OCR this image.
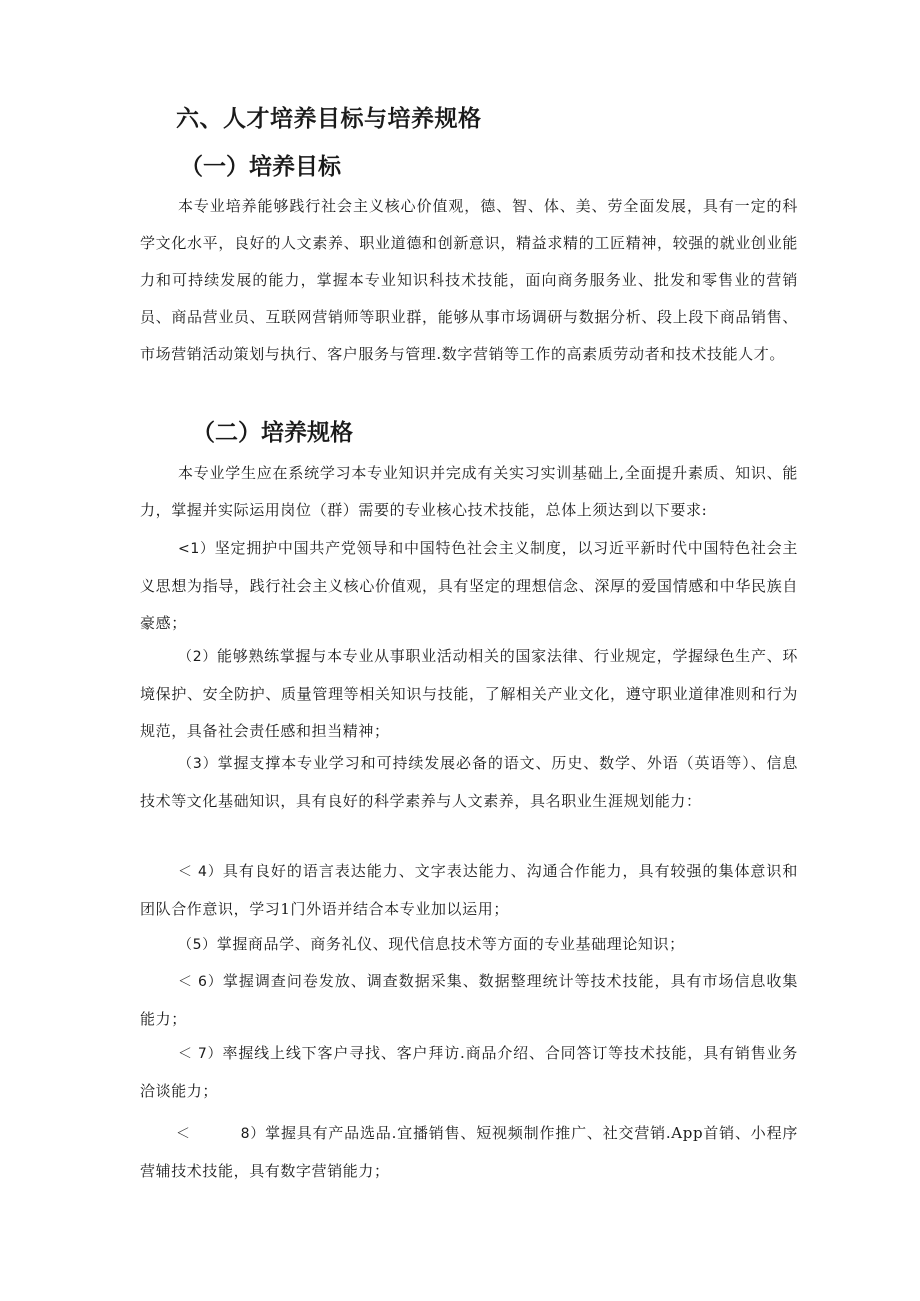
六、人才培养目标与培养规格
（一）培养目标

本专业培养能够践行社会主义核心价值观，德、智、体、美、劳全面发展，具有一定的科学文化水平，良好的人文素养、职业道德和创新意识，精益求精的工匠精神，较强的就业创业能力和可持续发展的能力，掌握本专业知识科技术技能，面向商务服务业、批发和零售业的营销员、商品营业员、互联网营销师等职业群，能够从事市场调研与数据分析、段上段下商品销售、市场营销活动策划与执行、客户服务与管理.数字营销等工作的高素质劳动者和技术技能人才。

（二）培养规格

本专业学生应在系统学习本专业知识并完成有关实习实训基础上,全面提升素质、知识、能力，掌握并实际运用岗位（群）需要的专业核心技术技能，总体上须达到以下要求:

<1）坚定拥护中国共产党领导和中国特色社会主义制度，以习近平新时代中国特色社会主义思想为指导，践行社会主义核心价值观，具有坚定的理想信念、深厚的爱国情感和中华民族自豪感；

（2）能够熟练掌握与本专业从事职业活动相关的国家法律、行业规定，学握绿色生产、环境保护、安全防护、质量管理等相关知识与技能，了解相关产业文化，遵守职业道律准则和行为规范，具备社会责任感和担当精神；

（3）掌握支撑本专业学习和可持续发展必备的语文、历史、数学、外语（英语等）、信息技术等文化基础知识，具有良好的科学素养与人文素养，具名职业生涯规划能力：

＜ 4）具有良好的语言表达能力、文字表达能力、沟通合作能力，具有较强的集体意识和团队合作意识，学习1门外语并结合本专业加以运用；

（5）掌握商品学、商务礼仪、现代信息技术等方面的专业基础理论知识；

＜ 6）掌握调查问卷发放、调查数据采集、数据整理统计等技术技能，具有市场信息收集能力；

＜ 7）率握线上线下客户寻找、客户拜访.商品介绍、合同答订等技术技能，具有销售业务洽谈能力；

＜	8）掌握具有产品选品.宜播销售、短视频制作推广、社交营销.App首销、小程序营辅技术技能，具有数字营销能力；
